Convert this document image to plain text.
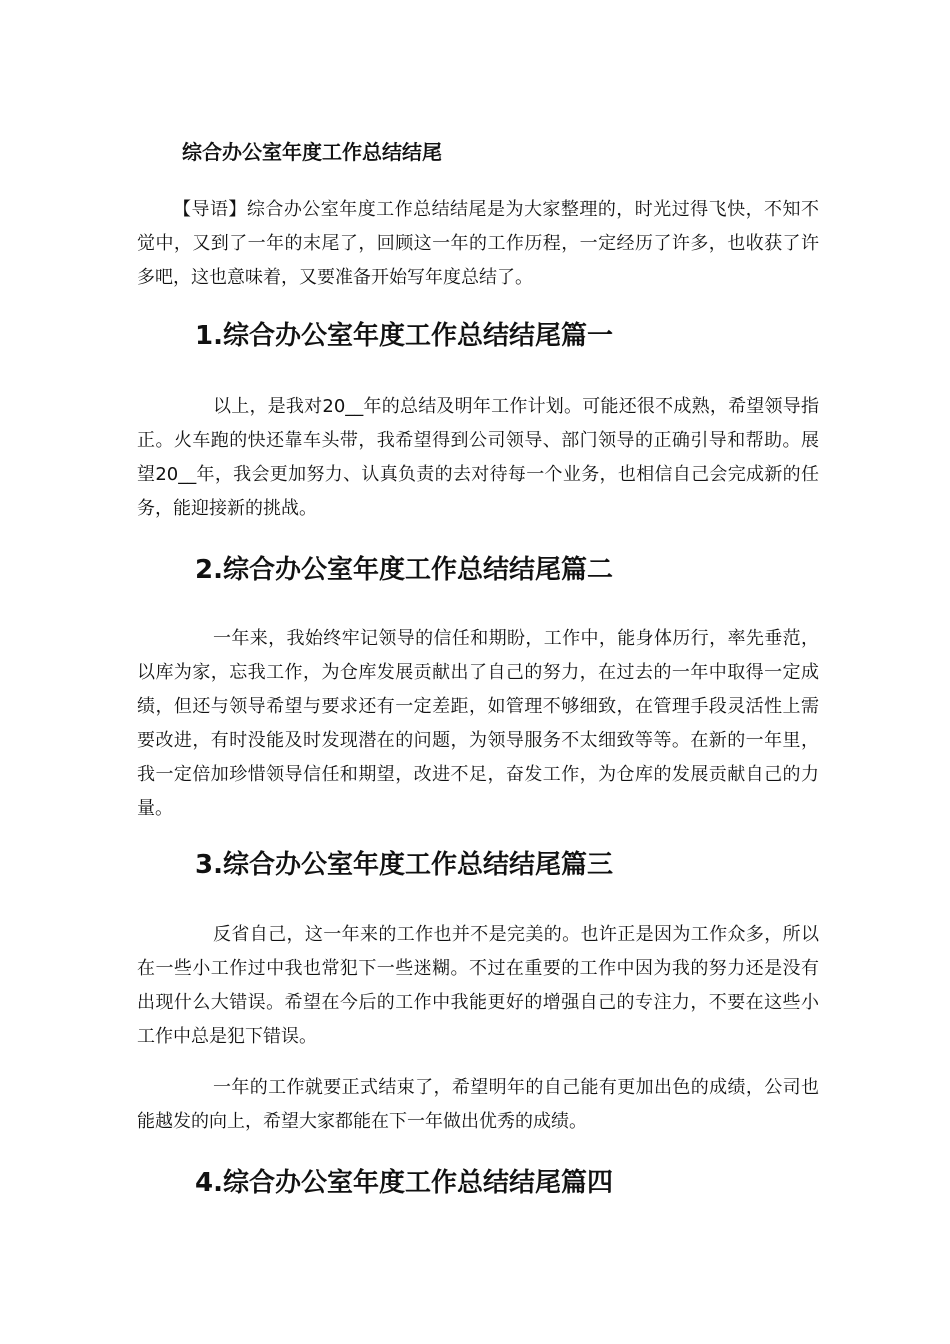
综合办公室年度工作总结结尾

【导语】综合办公室年度工作总结结尾是为大家整理的，时光过得飞快，不知不觉中，又到了一年的末尾了，回顾这一年的工作历程，一定经历了许多，也收获了许多吧，这也意味着，又要准备开始写年度总结了。

1.综合办公室年度工作总结结尾篇一

以上，是我对20__年的总结及明年工作计划。可能还很不成熟，希望领导指正。火车跑的快还靠车头带，我希望得到公司领导、部门领导的正确引导和帮助。展望20__年，我会更加努力、认真负责的去对待每一个业务，也相信自己会完成新的任务，能迎接新的挑战。

2.综合办公室年度工作总结结尾篇二

一年来，我始终牢记领导的信任和期盼，工作中，能身体历行，率先垂范，以库为家，忘我工作，为仓库发展贡献出了自己的努力，在过去的一年中取得一定成绩，但还与领导希望与要求还有一定差距，如管理不够细致，在管理手段灵活性上需要改进，有时没能及时发现潜在的问题，为领导服务不太细致等等。在新的一年里，我一定倍加珍惜领导信任和期望，改进不足，奋发工作，为仓库的发展贡献自己的力量。

3.综合办公室年度工作总结结尾篇三

反省自己，这一年来的工作也并不是完美的。也许正是因为工作众多，所以在一些小工作过中我也常犯下一些迷糊。不过在重要的工作中因为我的努力还是没有出现什么大错误。希望在今后的工作中我能更好的增强自己的专注力，不要在这些小工作中总是犯下错误。

一年的工作就要正式结束了，希望明年的自己能有更加出色的成绩，公司也能越发的向上，希望大家都能在下一年做出优秀的成绩。

4.综合办公室年度工作总结结尾篇四
